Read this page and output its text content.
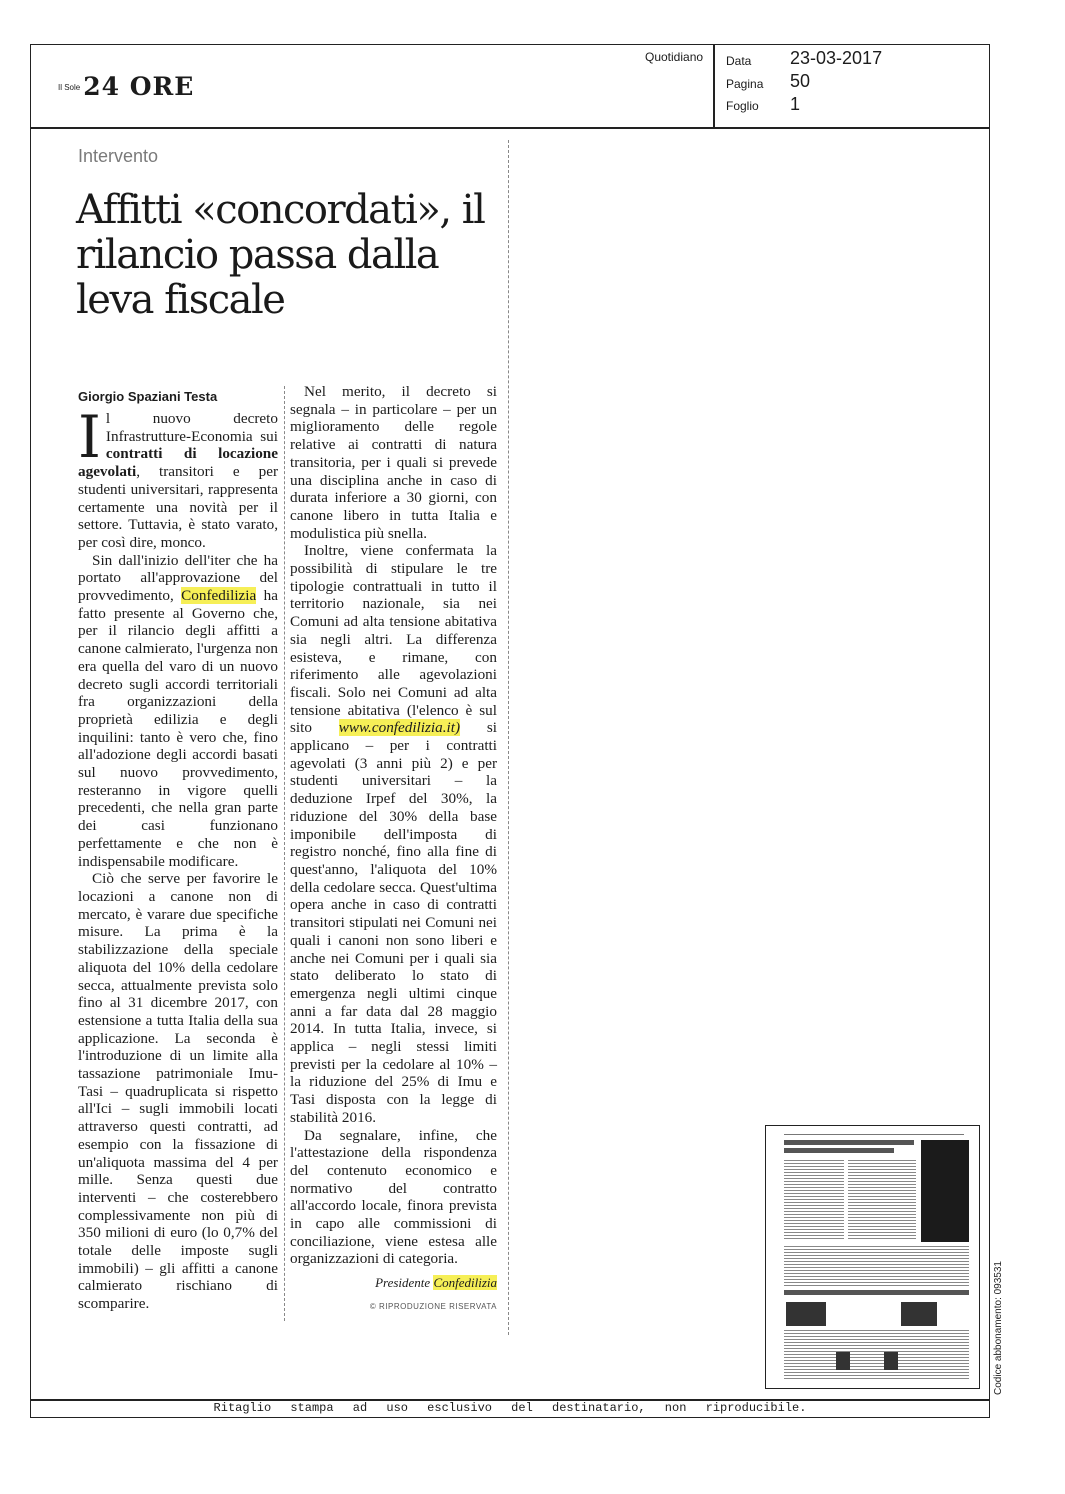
Il Sole 24 ORE
Quotidiano Data 23-03-2017
Pagina 50
Foglio 1
Intervento
Affitti «concordati», il rilancio passa dalla leva fiscale
Giorgio Spaziani Testa

Il nuovo decreto Infrastrutture-Economia sui contratti di locazione agevolati, transitori e per studenti universitari, rappresenta certamente una novità per il settore. Tuttavia, è stato varato, per così dire, monco.

Sin dall'inizio dell'iter che ha portato all'approvazione del provvedimento, Confedilizia ha fatto presente al Governo che, per il rilancio degli affitti a canone calmierato, l'urgenza non era quella del varo di un nuovo decreto sugli accordi territoriali fra organizzazioni della proprietà edilizia e degli inquilini: tanto è vero che, fino all'adozione degli accordi basati sul nuovo provvedimento, resteranno in vigore quelli precedenti, che nella gran parte dei casi funzionano perfettamente e che non è indispensabile modificare.

Ciò che serve per favorire le locazioni a canone non di mercato, è varare due specifiche misure. La prima è la stabilizzazione della speciale aliquota del 10% della cedolare secca, attualmente prevista solo fino al 31 dicembre 2017, con estensione a tutta Italia della sua applicazione. La seconda è l'introduzione di un limite alla tassazione patrimoniale Imu-Tasi – quadruplicata si rispetto all'Ici – sugli immobili locati attraverso questi contratti, ad esempio con la fissazione di un'aliquota massima del 4 per mille. Senza questi due interventi – che costerebbero complessivamente non più di 350 milioni di euro (lo 0,7% del totale delle imposte sugli immobili) – gli affitti a canone calmierato rischiano di scomparire.

Nel merito, il decreto si segnala – in particolare – per un miglioramento delle regole relative ai contratti di natura transitoria, per i quali si prevede una disciplina anche in caso di durata inferiore a 30 giorni, con canone libero in tutta Italia e modulistica più snella.

Inoltre, viene confermata la possibilità di stipulare le tre tipologie contrattuali in tutto il territorio nazionale, sia nei Comuni ad alta tensione abitativa sia negli altri. La differenza esisteva, e rimane, con riferimento alle agevolazioni fiscali. Solo nei Comuni ad alta tensione abitativa (l'elenco è sul sito www.confedilizia.it) si applicano – per i contratti agevolati (3 anni più 2) e per studenti universitari – la deduzione Irpef del 30%, la riduzione del 30% della base imponibile dell'imposta di registro nonché, fino alla fine di quest'anno, l'aliquota del 10% della cedolare secca. Quest'ultima opera anche in caso di contratti transitori stipulati nei Comuni nei quali i canoni non sono liberi e anche nei Comuni per i quali sia stato deliberato lo stato di emergenza negli ultimi cinque anni a far data dal 28 maggio 2014. In tutta Italia, invece, si applica – negli stessi limiti previsti per la cedolare al 10% – la riduzione del 25% di Imu e Tasi disposta con la legge di stabilità 2016.

Da segnalare, infine, che l'attestazione della rispondenza del contenuto economico e normativo del contratto all'accordo locale, finora prevista in capo alle commissioni di conciliazione, viene estesa alle organizzazioni di categoria.

Presidente Confedilizia
© RIPRODUZIONE RISERVATA	Codice abbonamento: 093531
Ritaglio stampa ad uso esclusivo del destinatario, non riproducibile.
